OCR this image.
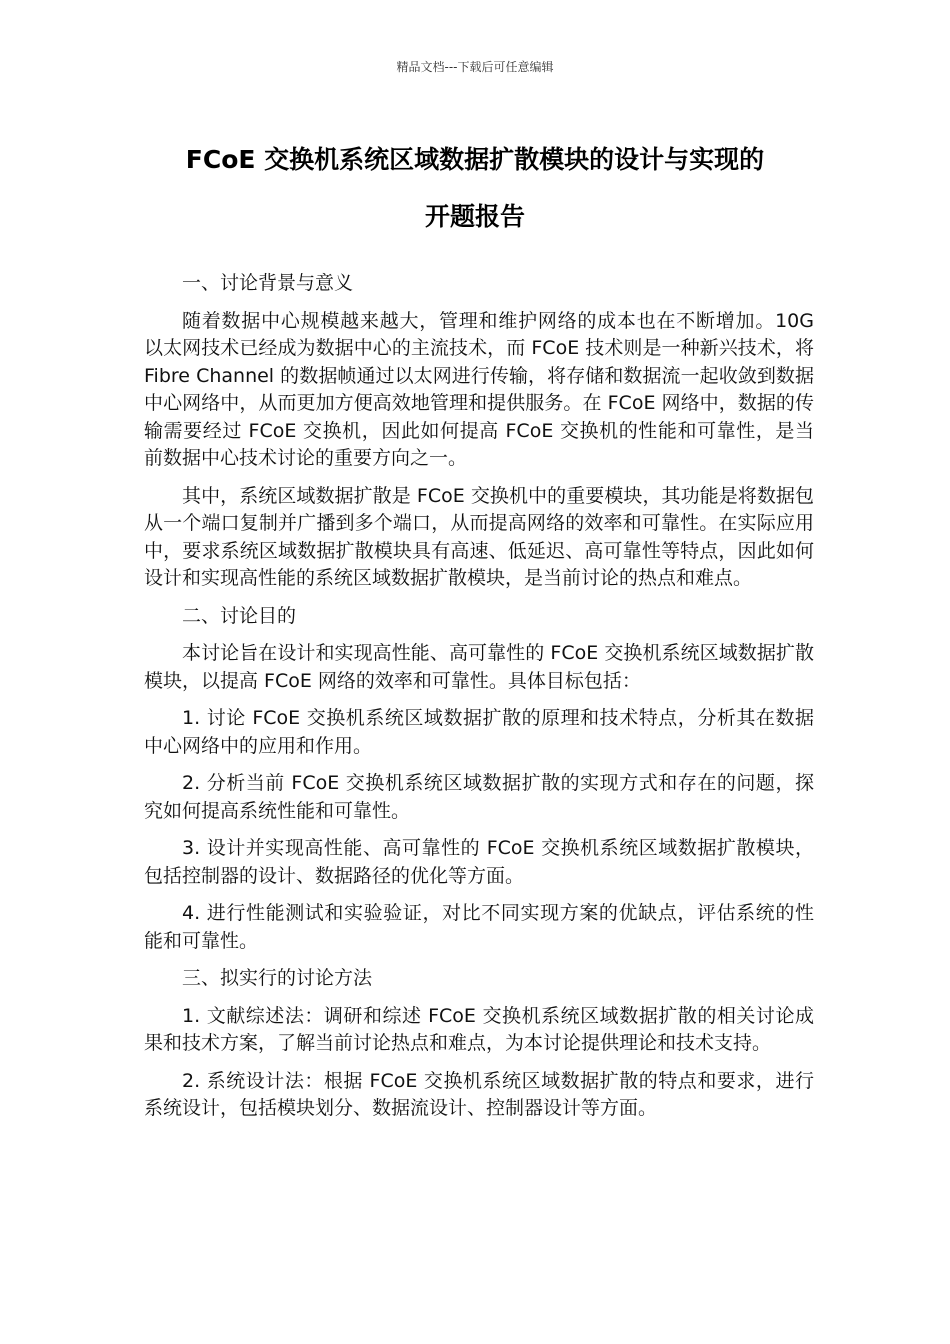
精品文档---下载后可任意编辑
FCoE 交换机系统区域数据扩散模块的设计与实现的
开题报告

一、讨论背景与意义

随着数据中心规模越来越大，管理和维护网络的成本也在不断增加。10G 以太网技术已经成为数据中心的主流技术，而 FCoE 技术则是一种新兴技术，将 Fibre Channel 的数据帧通过以太网进行传输，将存储和数据流一起收敛到数据中心网络中，从而更加方便高效地管理和提供服务。在 FCoE 网络中，数据的传输需要经过 FCoE 交换机，因此如何提高 FCoE 交换机的性能和可靠性，是当前数据中心技术讨论的重要方向之一。

其中，系统区域数据扩散是 FCoE 交换机中的重要模块，其功能是将数据包从一个端口复制并广播到多个端口，从而提高网络的效率和可靠性。在实际应用中，要求系统区域数据扩散模块具有高速、低延迟、高可靠性等特点，因此如何设计和实现高性能的系统区域数据扩散模块，是当前讨论的热点和难点。

二、讨论目的

本讨论旨在设计和实现高性能、高可靠性的 FCoE 交换机系统区域数据扩散模块，以提高 FCoE 网络的效率和可靠性。具体目标包括：

1. 讨论 FCoE 交换机系统区域数据扩散的原理和技术特点，分析其在数据中心网络中的应用和作用。

2. 分析当前 FCoE 交换机系统区域数据扩散的实现方式和存在的问题，探究如何提高系统性能和可靠性。

3. 设计并实现高性能、高可靠性的 FCoE 交换机系统区域数据扩散模块，包括控制器的设计、数据路径的优化等方面。

4. 进行性能测试和实验验证，对比不同实现方案的优缺点，评估系统的性能和可靠性。

三、拟实行的讨论方法

1. 文献综述法：调研和综述 FCoE 交换机系统区域数据扩散的相关讨论成果和技术方案，了解当前讨论热点和难点，为本讨论提供理论和技术支持。

2. 系统设计法：根据 FCoE 交换机系统区域数据扩散的特点和要求，进行系统设计，包括模块划分、数据流设计、控制器设计等方面。
